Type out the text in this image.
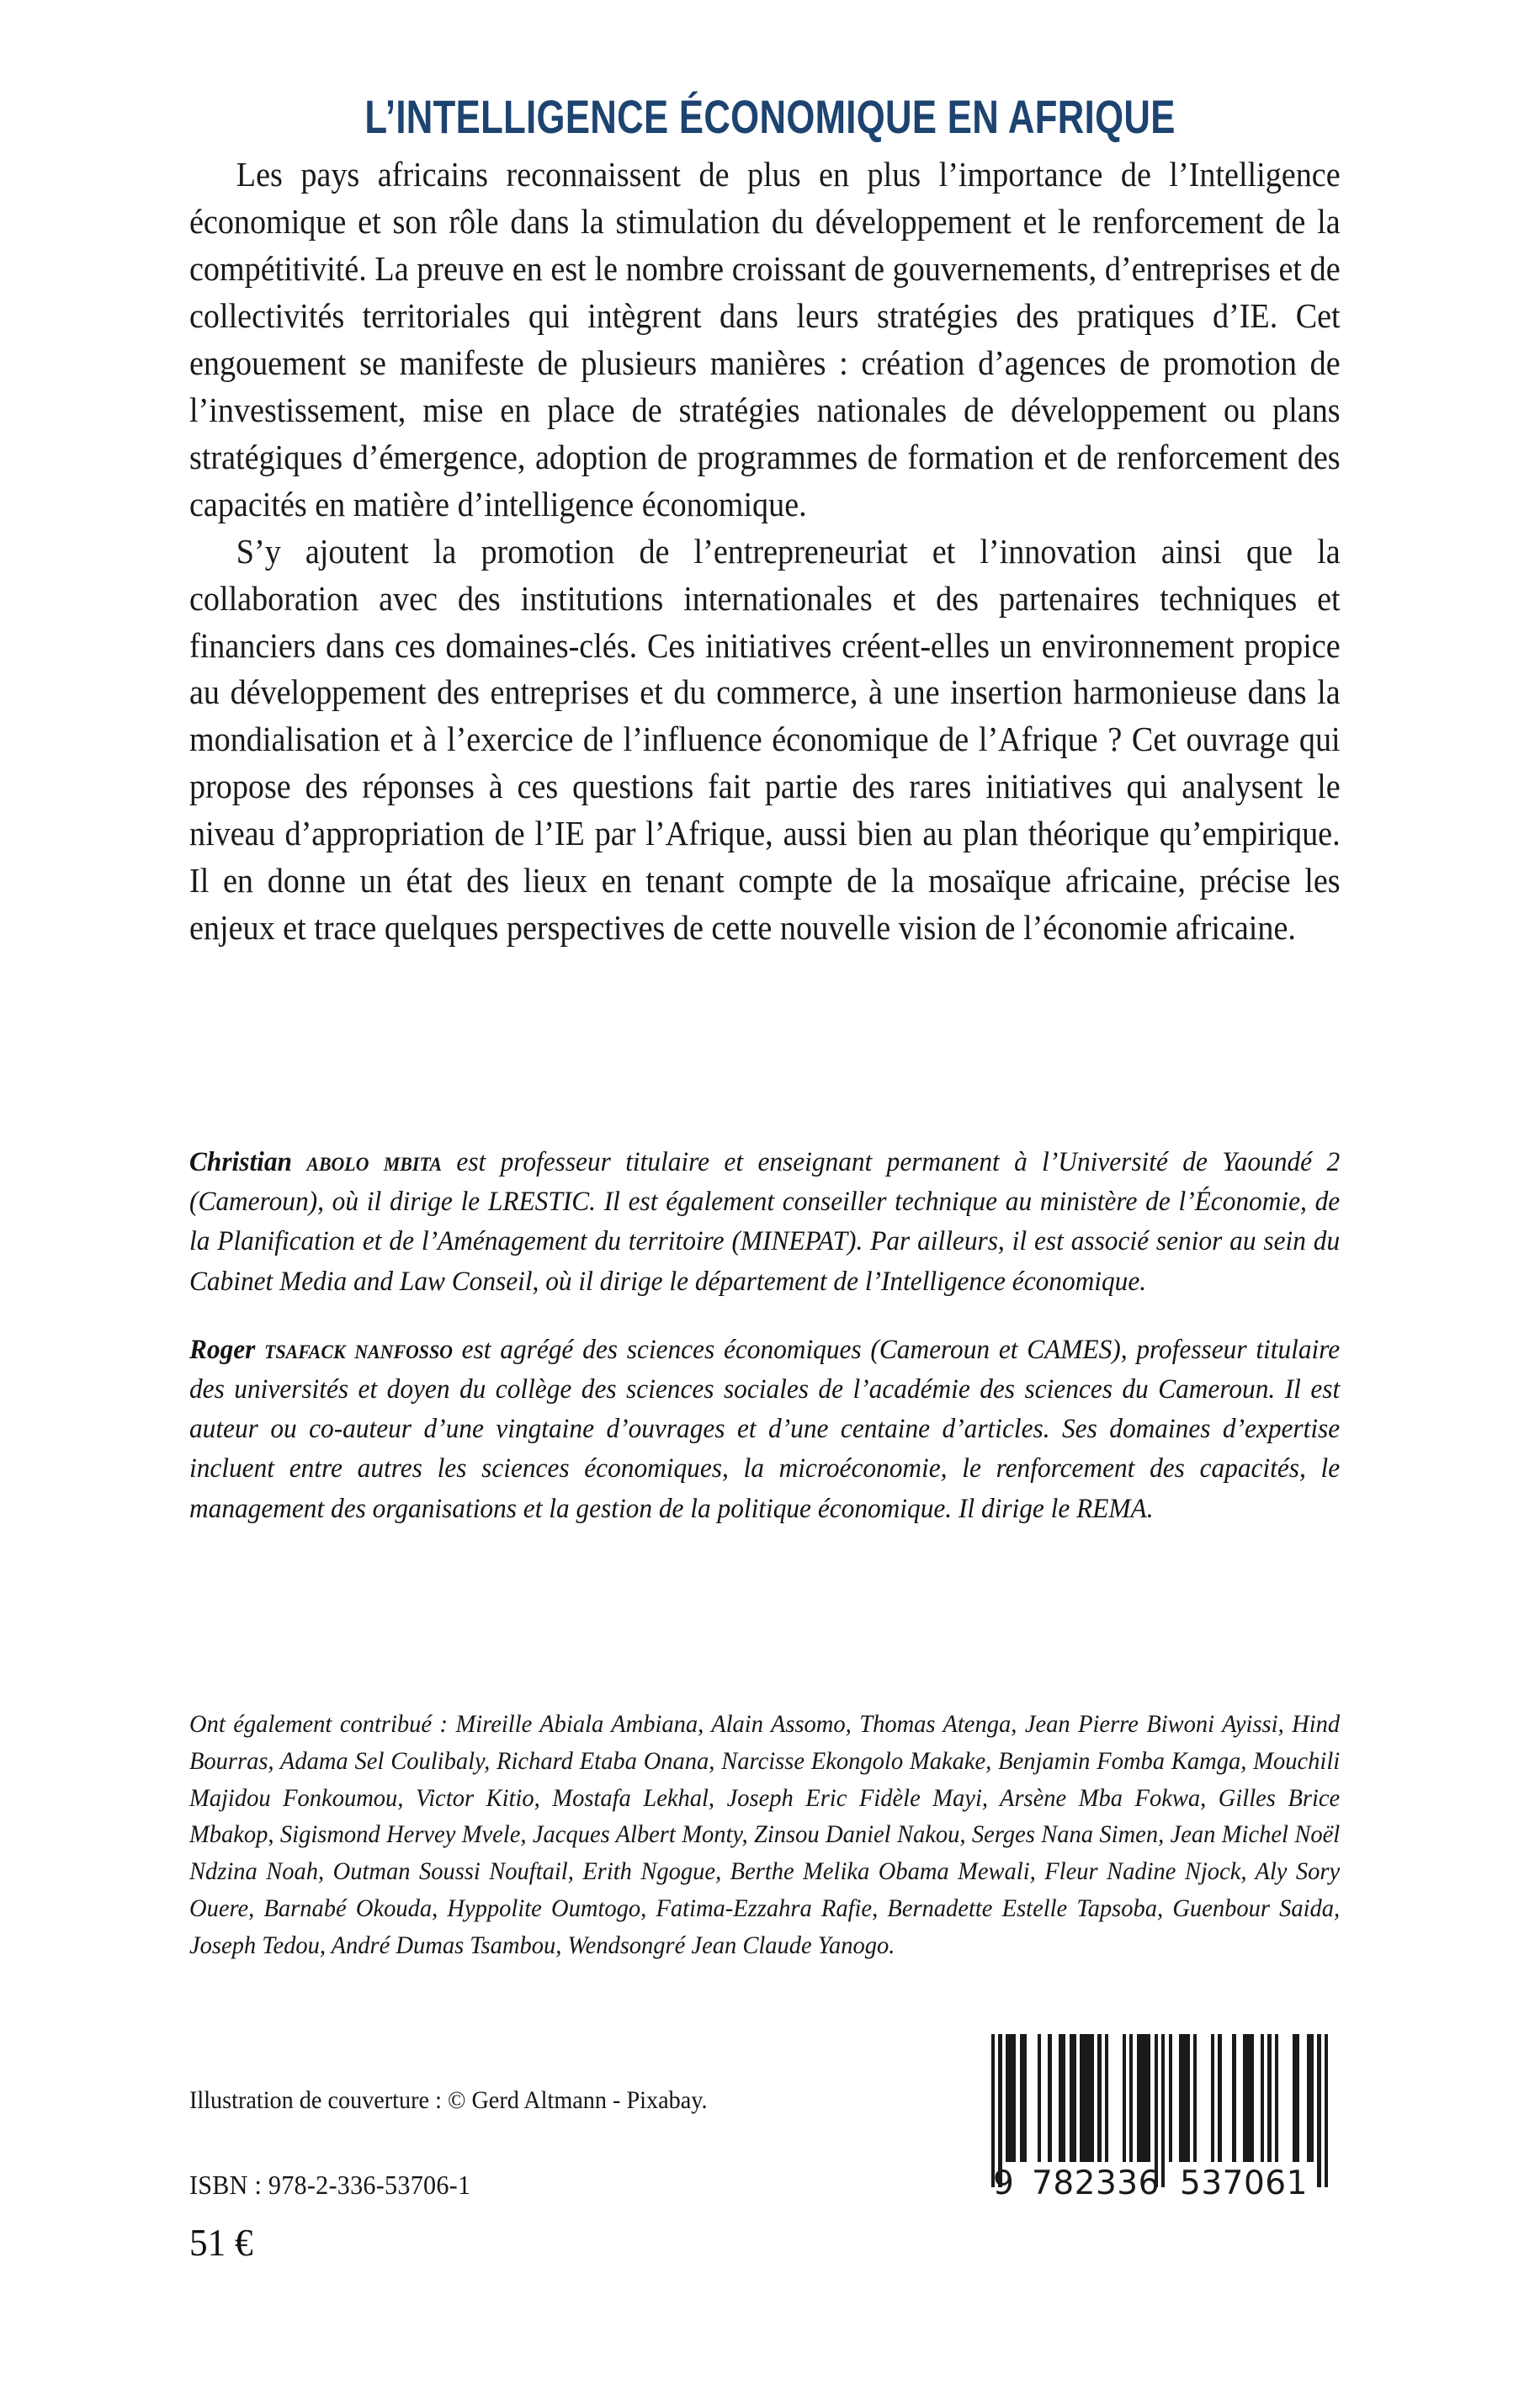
L’INTELLIGENCE ÉCONOMIQUE EN AFRIQUE

Les pays africains reconnaissent de plus en plus l’importance de l’Intelligence économique et son rôle dans la stimulation du développement et le renforcement de la compétitivité. La preuve en est le nombre croissant de gouvernements, d’entreprises et de collectivités territoriales qui intègrent dans leurs stratégies des pratiques d’IE. Cet engouement se manifeste de plusieurs manières : création d’agences de promotion de l’investissement, mise en place de stratégies nationales de développement ou plans stratégiques d’émergence, adoption de programmes de formation et de renforcement des capacités en matière d’intelligence économique.

S’y ajoutent la promotion de l’entrepreneuriat et l’innovation ainsi que la collaboration avec des institutions internationales et des partenaires techniques et financiers dans ces domaines-clés. Ces initiatives créent-elles un environnement propice au développement des entreprises et du commerce, à une insertion harmonieuse dans la mondialisation et à l’exercice de l’influence économique de l’Afrique ? Cet ouvrage qui propose des réponses à ces questions fait partie des rares initiatives qui analysent le niveau d’appropriation de l’IE par l’Afrique, aussi bien au plan théorique qu’empirique. Il en donne un état des lieux en tenant compte de la mosaïque africaine, précise les enjeux et trace quelques perspectives de cette nouvelle vision de l’économie africaine.

Christian abolo mbita est professeur titulaire et enseignant permanent à l’Université de Yaoundé 2 (Cameroun), où il dirige le LRESTIC. Il est également conseiller technique au ministère de l’Économie, de la Planification et de l’Aménagement du territoire (MINEPAT). Par ailleurs, il est associé senior au sein du Cabinet Media and Law Conseil, où il dirige le département de l’Intelligence économique.

Roger tsafack nanfosso est agrégé des sciences économiques (Cameroun et CAMES), professeur titulaire des universités et doyen du collège des sciences sociales de l’académie des sciences du Cameroun. Il est auteur ou co-auteur d’une vingtaine d’ouvrages et d’une centaine d’articles. Ses domaines d’expertise incluent entre autres les sciences économiques, la microéconomie, le renforcement des capacités, le management des organisations et la gestion de la politique économique. Il dirige le REMA.

Ont également contribué : Mireille Abiala Ambiana, Alain Assomo, Thomas Atenga, Jean Pierre Biwoni Ayissi, Hind Bourras, Adama Sel Coulibaly, Richard Etaba Onana, Narcisse Ekongolo Makake, Benjamin Fomba Kamga, Mouchili Majidou Fonkoumou, Victor Kitio, Mostafa Lekhal, Joseph Eric Fidèle Mayi, Arsène Mba Fokwa, Gilles Brice Mbakop, Sigismond Hervey Mvele, Jacques Albert Monty, Zinsou Daniel Nakou, Serges Nana Simen, Jean Michel Noël Ndzina Noah, Outman Soussi Nouftail, Erith Ngogue, Berthe Melika Obama Mewali, Fleur Nadine Njock, Aly Sory Ouere, Barnabé Okouda, Hyppolite Oumtogo, Fatima-Ezzahra Rafie, Bernadette Estelle Tapsoba, Guenbour Saida, Joseph Tedou, André Dumas Tsambou, Wendsongré Jean Claude Yanogo.

Illustration de couverture : © Gerd Altmann - Pixabay.
ISBN : 978-2-336-53706-1
51 €
9 782336 537061
